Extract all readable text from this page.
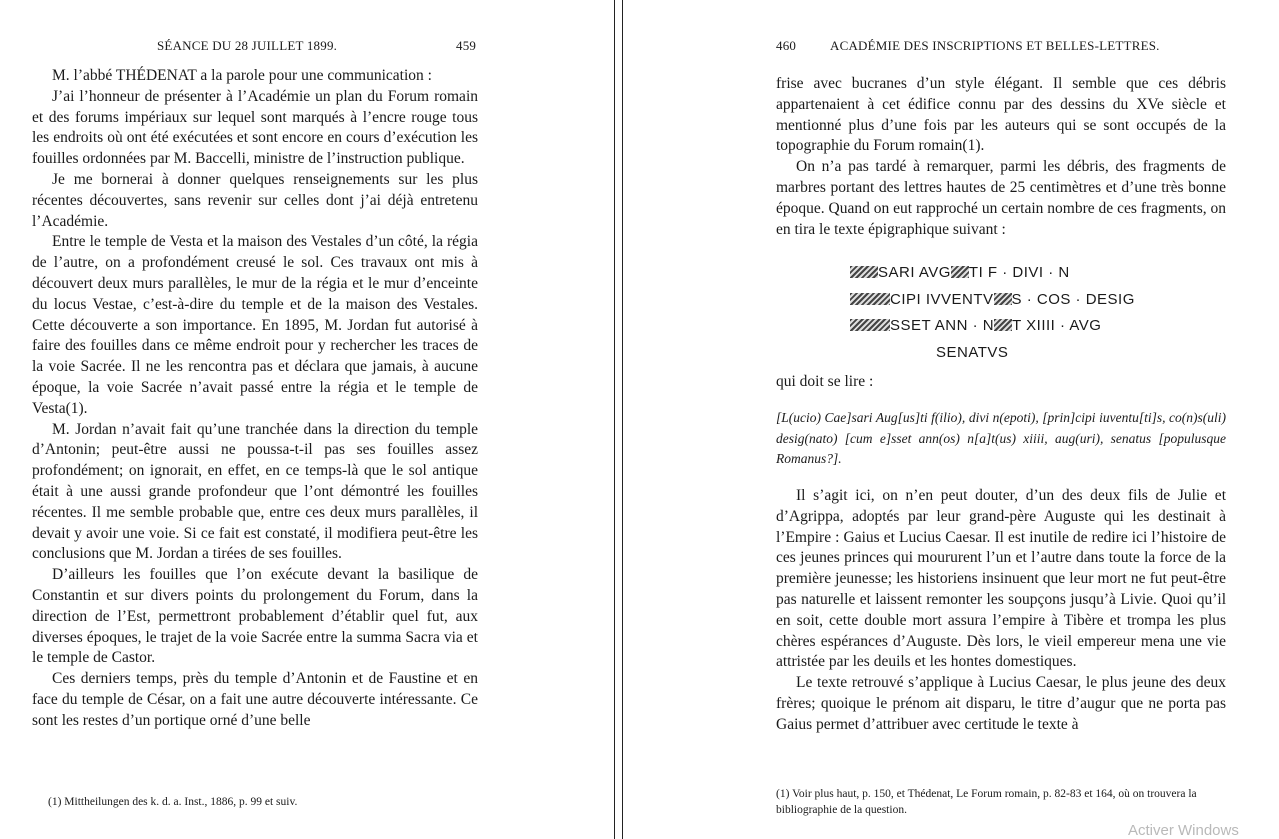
SÉANCE DU 28 JUILLET 1899.	459

M. l’abbé THÉDENAT a la parole pour une communication :

J’ai l’honneur de présenter à l’Académie un plan du Forum romain et des forums impériaux sur lequel sont marqués à l’encre rouge tous les endroits où ont été exécutées et sont encore en cours d’exécution les fouilles ordonnées par M. Baccelli, ministre de l’instruction publique.

Je me bornerai à donner quelques renseignements sur les plus récentes découvertes, sans revenir sur celles dont j’ai déjà entretenu l’Académie.

Entre le temple de Vesta et la maison des Vestales d’un côté, la régia de l’autre, on a profondément creusé le sol. Ces travaux ont mis à découvert deux murs parallèles, le mur de la régia et le mur d’enceinte du locus Vestae, c’est-à-dire du temple et de la maison des Vestales. Cette découverte a son importance. En 1895, M. Jordan fut autorisé à faire des fouilles dans ce même endroit pour y rechercher les traces de la voie Sacrée. Il ne les rencontra pas et déclara que jamais, à aucune époque, la voie Sacrée n’avait passé entre la régia et le temple de Vesta(1).

M. Jordan n’avait fait qu’une tranchée dans la direction du temple d’Antonin; peut-être aussi ne poussa-t-il pas ses fouilles assez profondément; on ignorait, en effet, en ce temps-là que le sol antique était à une aussi grande profondeur que l’ont démontré les fouilles récentes. Il me semble probable que, entre ces deux murs parallèles, il devait y avoir une voie. Si ce fait est constaté, il modifiera peut-être les conclusions que M. Jordan a tirées de ses fouilles.

D’ailleurs les fouilles que l’on exécute devant la basilique de Constantin et sur divers points du prolongement du Forum, dans la direction de l’Est, permettront probablement d’établir quel fut, aux diverses époques, le trajet de la voie Sacrée entre la summa Sacra via et le temple de Castor.

Ces derniers temps, près du temple d’Antonin et de Faustine et en face du temple de César, on a fait une autre découverte intéressante. Ce sont les restes d’un portique orné d’une belle

(1) Mittheilungen des k. d. a. Inst., 1886, p. 99 et suiv.
460	ACADÉMIE DES INSCRIPTIONS ET BELLES-LETTRES.

frise avec bucranes d’un style élégant. Il semble que ces débris appartenaient à cet édifice connu par des dessins du XVe siècle et mentionné plus d’une fois par les auteurs qui se sont occupés de la topographie du Forum romain(1).

On n’a pas tardé à remarquer, parmi les débris, des fragments de marbres portant des lettres hautes de 25 centimètres et d’une très bonne époque. Quand on eut rapproché un certain nombre de ces fragments, on en tira le texte épigraphique suivant :

SARI AVG TI F · DIVI · N
CIPI IVVENTV S · COS · DESIG
SSET ANN · N T XIIII · AVG
SENATVS
qui doit se lire :
[L(ucio) Cae]sari Aug[us]ti f(ilio), divi n(epoti), [prin]cipi iuventu[ti]s, co(n)s(uli) desig(nato) [cum e]sset ann(os) n[a]t(us) xiiii, aug(uri), senatus [populusque Romanus?].

Il s’agit ici, on n’en peut douter, d’un des deux fils de Julie et d’Agrippa, adoptés par leur grand-père Auguste qui les destinait à l’Empire : Gaius et Lucius Caesar. Il est inutile de redire ici l’histoire de ces jeunes princes qui moururent l’un et l’autre dans toute la force de la première jeunesse; les historiens insinuent que leur mort ne fut peut-être pas naturelle et laissent remonter les soupçons jusqu’à Livie. Quoi qu’il en soit, cette double mort assura l’empire à Tibère et trompa les plus chères espérances d’Auguste. Dès lors, le vieil empereur mena une vie attristée par les deuils et les hontes domestiques.

Le texte retrouvé s’applique à Lucius Caesar, le plus jeune des deux frères; quoique le prénom ait disparu, le titre d’augur que ne porta pas Gaius permet d’attribuer avec certitude le texte à

(1) Voir plus haut, p. 150, et Thédenat, Le Forum romain, p. 82-83 et 164, où on trouvera la bibliographie de la question.
Activer Windows
